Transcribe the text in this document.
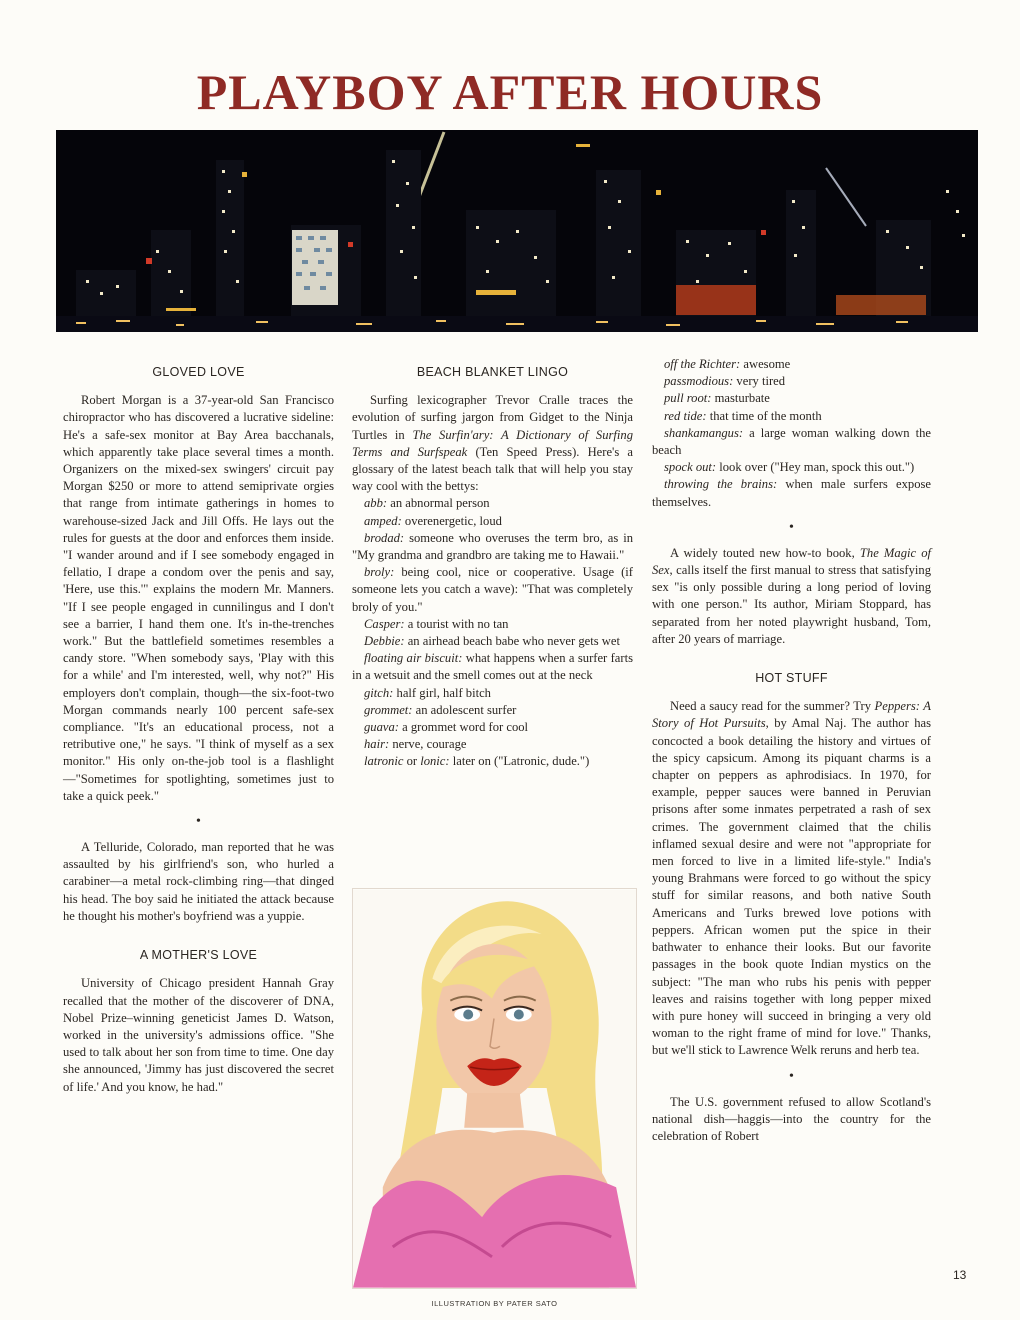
PLAYBOY AFTER HOURS
GLOVED LOVE

Robert Morgan is a 37-year-old San Francisco chiropractor who has discovered a lucrative sideline: He's a safe-sex monitor at Bay Area bacchanals, which apparently take place several times a month. Organizers on the mixed-sex swingers' circuit pay Morgan $250 or more to attend semiprivate orgies that range from intimate gatherings in homes to warehouse-sized Jack and Jill Offs. He lays out the rules for guests at the door and enforces them inside. "I wander around and if I see somebody engaged in fellatio, I drape a condom over the penis and say, 'Here, use this.'" explains the modern Mr. Manners. "If I see people engaged in cunnilingus and I don't see a barrier, I hand them one. It's in-the-trenches work." But the battlefield sometimes resembles a candy store. "When somebody says, 'Play with this for a while' and I'm interested, well, why not?" His employers don't complain, though—the six-foot-two Morgan commands nearly 100 percent safe-sex compliance. "It's an educational process, not a retributive one," he says. "I think of myself as a sex monitor." His only on-the-job tool is a flashlight—"Sometimes for spotlighting, sometimes just to take a quick peek."

•

A Telluride, Colorado, man reported that he was assaulted by his girlfriend's son, who hurled a carabiner—a metal rock-climbing ring—that dinged his head. The boy said he initiated the attack because he thought his mother's boyfriend was a yuppie.

A MOTHER'S LOVE

University of Chicago president Hannah Gray recalled that the mother of the discoverer of DNA, Nobel Prize–winning geneticist James D. Watson, worked in the university's admissions office. "She used to talk about her son from time to time. One day she announced, 'Jimmy has just discovered the secret of life.' And you know, he had."

BEACH BLANKET LINGO

Surfing lexicographer Trevor Cralle traces the evolution of surfing jargon from Gidget to the Ninja Turtles in The Surfin'ary: A Dictionary of Surfing Terms and Surfspeak (Ten Speed Press). Here's a glossary of the latest beach talk that will help you stay way cool with the bettys:

abb: an abnormal person

amped: overenergetic, loud

brodad: someone who overuses the term bro, as in "My grandma and grandbro are taking me to Hawaii."

broly: being cool, nice or cooperative. Usage (if someone lets you catch a wave): "That was completely broly of you."

Casper: a tourist with no tan

Debbie: an airhead beach babe who never gets wet

floating air biscuit: what happens when a surfer farts in a wetsuit and the smell comes out at the neck

gitch: half girl, half bitch

grommet: an adolescent surfer

guava: a grommet word for cool

hair: nerve, courage

latronic or lonic: later on ("Latronic, dude.")

off the Richter: awesome

passmodious: very tired

pull root: masturbate

red tide: that time of the month

shankamangus: a large woman walking down the beach

spock out: look over ("Hey man, spock this out.")

throwing the brains: when male surfers expose themselves.

•

A widely touted new how-to book, The Magic of Sex, calls itself the first manual to stress that satisfying sex "is only possible during a long period of loving with one person." Its author, Miriam Stoppard, has separated from her noted playwright husband, Tom, after 20 years of marriage.

HOT STUFF

Need a saucy read for the summer? Try Peppers: A Story of Hot Pursuits, by Amal Naj. The author has concocted a book detailing the history and virtues of the spicy capsicum. Among its piquant charms is a chapter on peppers as aphrodisiacs. In 1970, for example, pepper sauces were banned in Peruvian prisons after some inmates perpetrated a rash of sex crimes. The government claimed that the chilis inflamed sexual desire and were not "appropriate for men forced to live in a limited life-style." India's young Brahmans were forced to go without the spicy stuff for similar reasons, and both native South Americans and Turks brewed love potions with peppers. African women put the spice in their bathwater to enhance their looks. But our favorite passages in the book quote Indian mystics on the subject: "The man who rubs his penis with pepper leaves and raisins together with long pepper mixed with pure honey will succeed in bringing a very old woman to the right frame of mind for love." Thanks, but we'll stick to Lawrence Welk reruns and herb tea.

•

The U.S. government refused to allow Scotland's national dish—haggis—into the country for the celebration of Robert

ILLUSTRATION BY PATER SATO
13
